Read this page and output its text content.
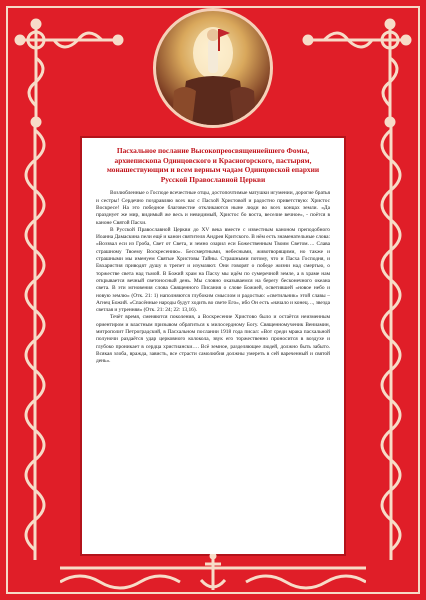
Пасхальное послание Высокопреосвященнейшего Фомы, архиепископа Одинцовского и Красногорского, пастырям, монашествующим и всем верным чадам Одинцовской епархии Русской Православной Церкви

Возлюбленные о Господе всечестные отцы, достопочтимые матушки игумении, дорогие братья и сестры! Сердечно поздравляю всех вас с Пасхой Христовой и радостно приветствую: Христос Воскресе! На это победное благовестие откликаются ныне люди во всех концах земли. «Да празднует же мир, видимый же весь и невидимый, Христос бо воста, веселие вечное», - поётся в каноне Святой Пасхи.

В Русской Православной Церкви до XV века вместе с известным каноном преподобного Иоанна Дамаскина пели ещё и канон святителя Андрея Критского. В нём есть знаменательные слова: «Воззвал еси из Гроба, Свет от Света, и земно озарил еси Божественным Твоим Светом…. Слава страшному Твоему Воскресению». Бессмертными, небесными, животворящими, но также и страшными мы именуем Святые Христовы Тайны. Страшными потому, что и Пасха Господня, и Евхаристия приводят душу в трепет и изумляют. Они говорят о победе жизни над смертью, о торжестве света над тьмой. В Божий храм на Пасху мы идём по сумеречной земле, а в храме нам открывается вечный светоносный день. Мы словно оказываемся на берегу бесконечного океана света. В эти мгновения слова Священного Писания о слове Божией, осветившей «новое небо и новую землю» (Отк. 21: 1) наполняются глубоким смыслом и радостью: «светильник» этой славы – Агнец Божий. «Спасённые народы будут ходить во свете Его», ибо Он есть «начало и конец…, звезда светлая и утренняя» (Отк. 21: 24; 22: 13,16).

Течёт время, сменяются поколения, а Воскресение Христово было и остаётся неизменным ориентиром и властным призывом обратиться к милосердному Богу. Священномученик Вениамин, митрополит Петроградский, в Пасхальном послании 1918 года писал: «Вот среди мрака пасхальной полуночи раздаётся удар церковного колокола, звук его торжественно проносится в воздухе и глубоко проникает в сердца христиански…. Всё земное, разделяющее людей, должно быть забыто. Всякая злоба, вражда, зависть, все страсти самолюбия должны умереть в сей вареченный и святой день».
